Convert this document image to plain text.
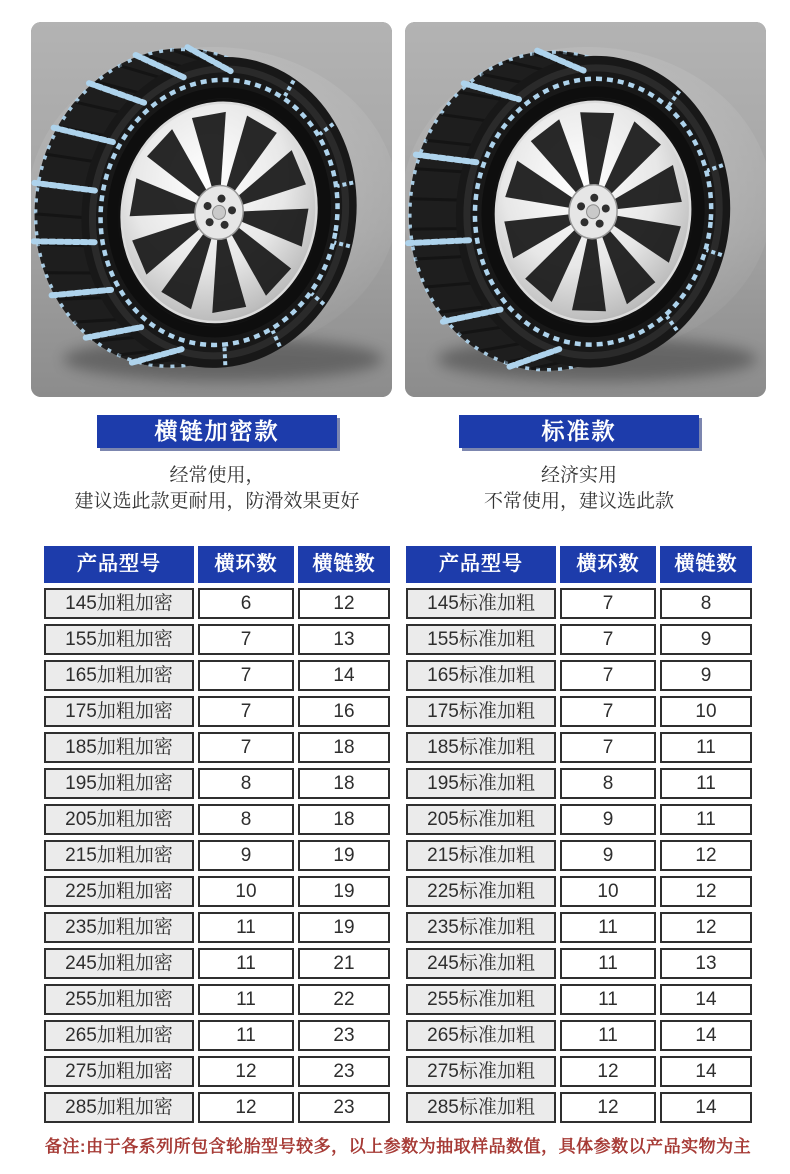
横链加密款	标准款
经常使用，
建议选此款更耐用，防滑效果更好
经济实用
不常使用，建议选此款
产品型号	横环数	横链数
145加粗加密	6	12
155加粗加密	7	13
165加粗加密	7	14
175加粗加密	7	16
185加粗加密	7	18
195加粗加密	8	18
205加粗加密	8	18
215加粗加密	9	19
225加粗加密	10	19
235加粗加密	11	19
245加粗加密	11	21
255加粗加密	11	22
265加粗加密	11	23
275加粗加密	12	23
285加粗加密	12	23
产品型号	横环数	横链数
145标准加粗	7	8
155标准加粗	7	9
165标准加粗	7	9
175标准加粗	7	10
185标准加粗	7	11
195标准加粗	8	11
205标准加粗	9	11
215标准加粗	9	12
225标准加粗	10	12
235标准加粗	11	12
245标准加粗	11	13
255标准加粗	11	14
265标准加粗	11	14
275标准加粗	12	14
285标准加粗	12	14
备注:由于各系列所包含轮胎型号较多，以上参数为抽取样品数值，具体参数以产品实物为主
